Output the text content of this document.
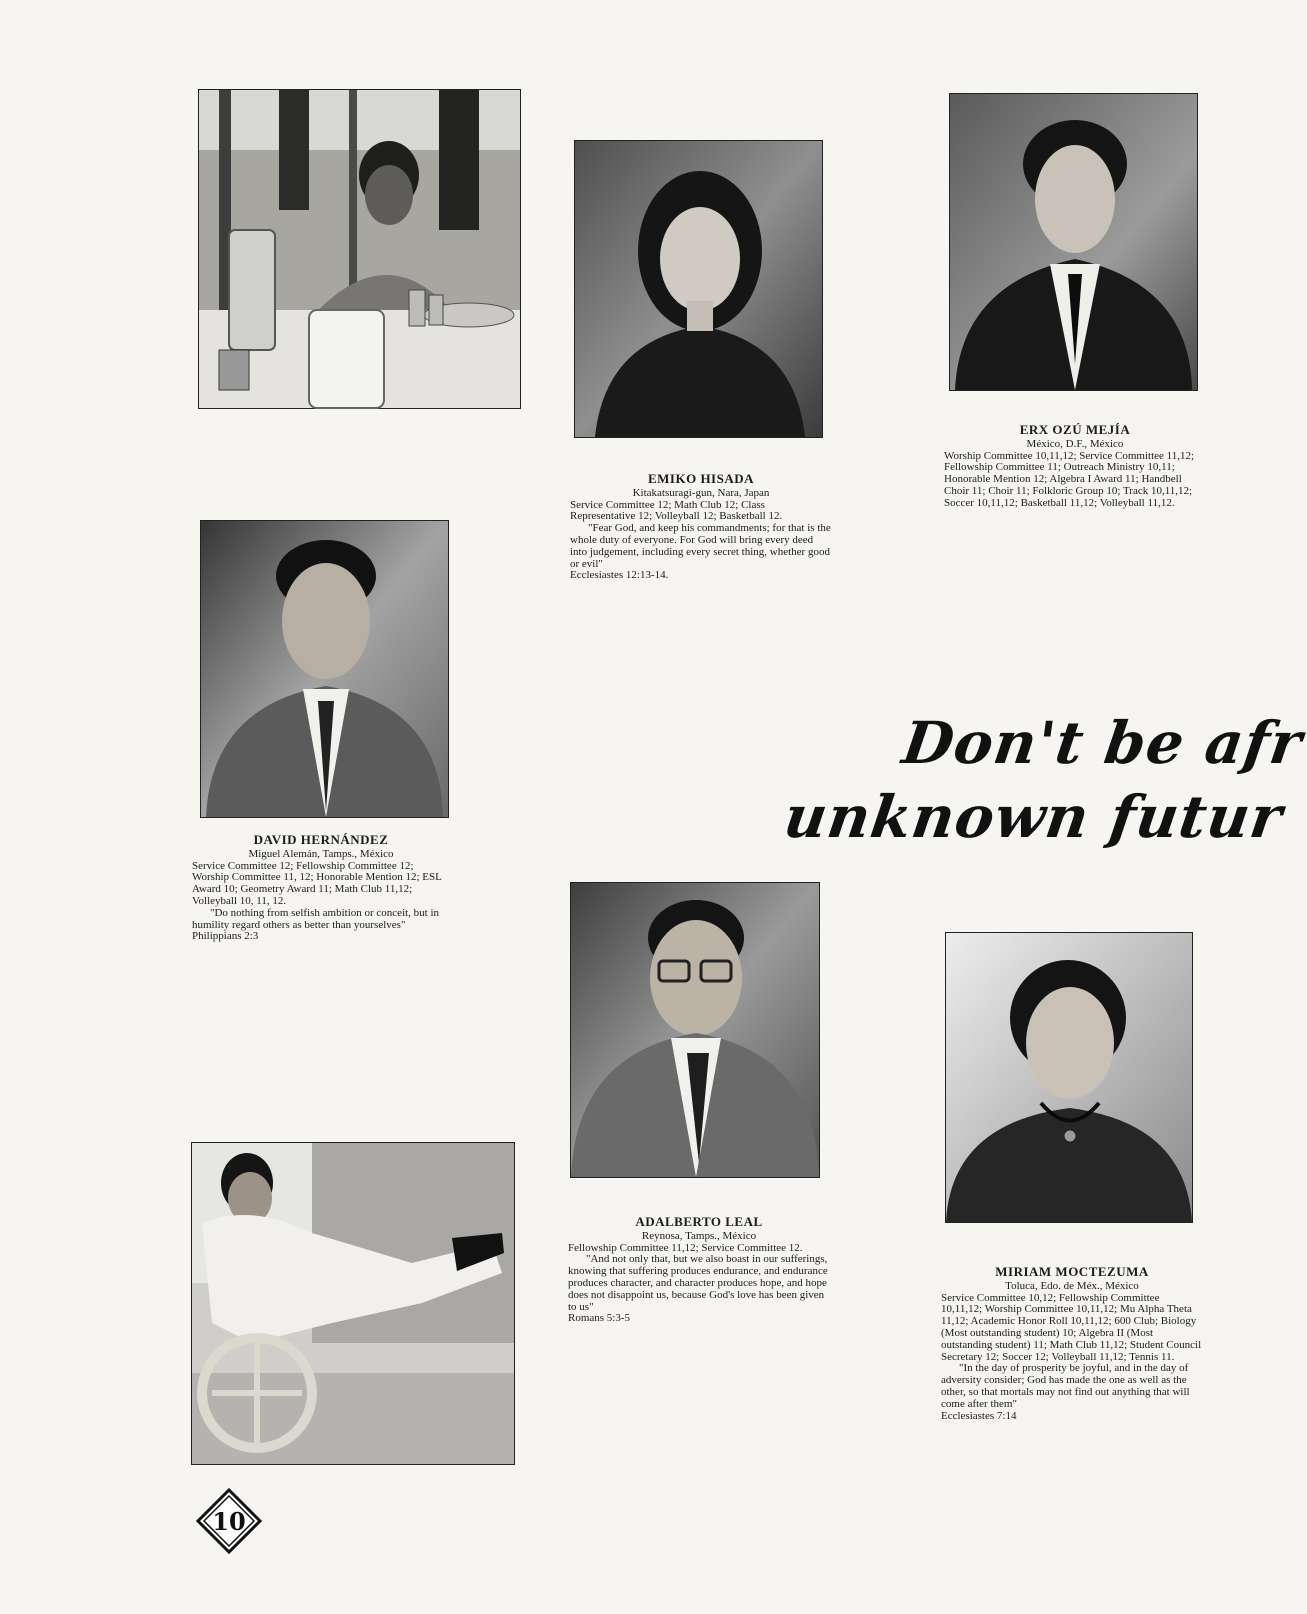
EMIKO HISADA
Kitakatsuragi-gun, Nara, Japan
Service Committee 12; Math Club 12; Class Representative 12; Volleyball 12; Basketball 12.
"Fear God, and keep his commandments; for that is the whole duty of everyone. For God will bring every deed into judgement, including every secret thing, whether good or evil"
Ecclesiastes 12:13-14.
ERX OZÚ MEJÍA
México, D.F., México
Worship Committee 10,11,12; Service Committee 11,12; Fellowship Committee 11; Outreach Ministry 10,11; Honorable Mention 12; Algebra I Award 11; Handbell Choir 11; Choir 11; Folkloric Group 10; Track 10,11,12; Soccer 10,11,12; Basketball 11,12; Volleyball 11,12.
DAVID HERNÁNDEZ
Miguel Alemán, Tamps., México
Service Committee 12; Fellowship Committee 12; Worship Committee 11, 12; Honorable Mention 12; ESL Award 10; Geometry Award 11; Math Club 11,12; Volleyball 10, 11, 12.
"Do nothing from selfish ambition or conceit, but in humility regard others as better than yourselves"
Philippians 2:3
Don't be afr
unknown futur
ADALBERTO LEAL
Reynosa, Tamps., México
Fellowship Committee 11,12; Service Committee 12.
"And not only that, but we also boast in our sufferings, knowing that suffering produces endurance, and endurance produces character, and character produces hope, and hope does not disappoint us, because God's love has been given to us"
Romans 5:3-5
MIRIAM MOCTEZUMA
Toluca, Edo. de Méx., México
Service Committee 10,12; Fellowship Committee 10,11,12; Worship Committee 10,11,12; Mu Alpha Theta 11,12; Academic Honor Roll 10,11,12; 600 Club; Biology (Most outstanding student) 10; Algebra II (Most outstanding student) 11; Math Club 11,12; Student Council Secretary 12; Soccer 12; Volleyball 11,12; Tennis 11.
"In the day of prosperity be joyful, and in the day of adversity consider; God has made the one as well as the other, so that mortals may not find out anything that will come after them"
Ecclesiastes 7:14
10
